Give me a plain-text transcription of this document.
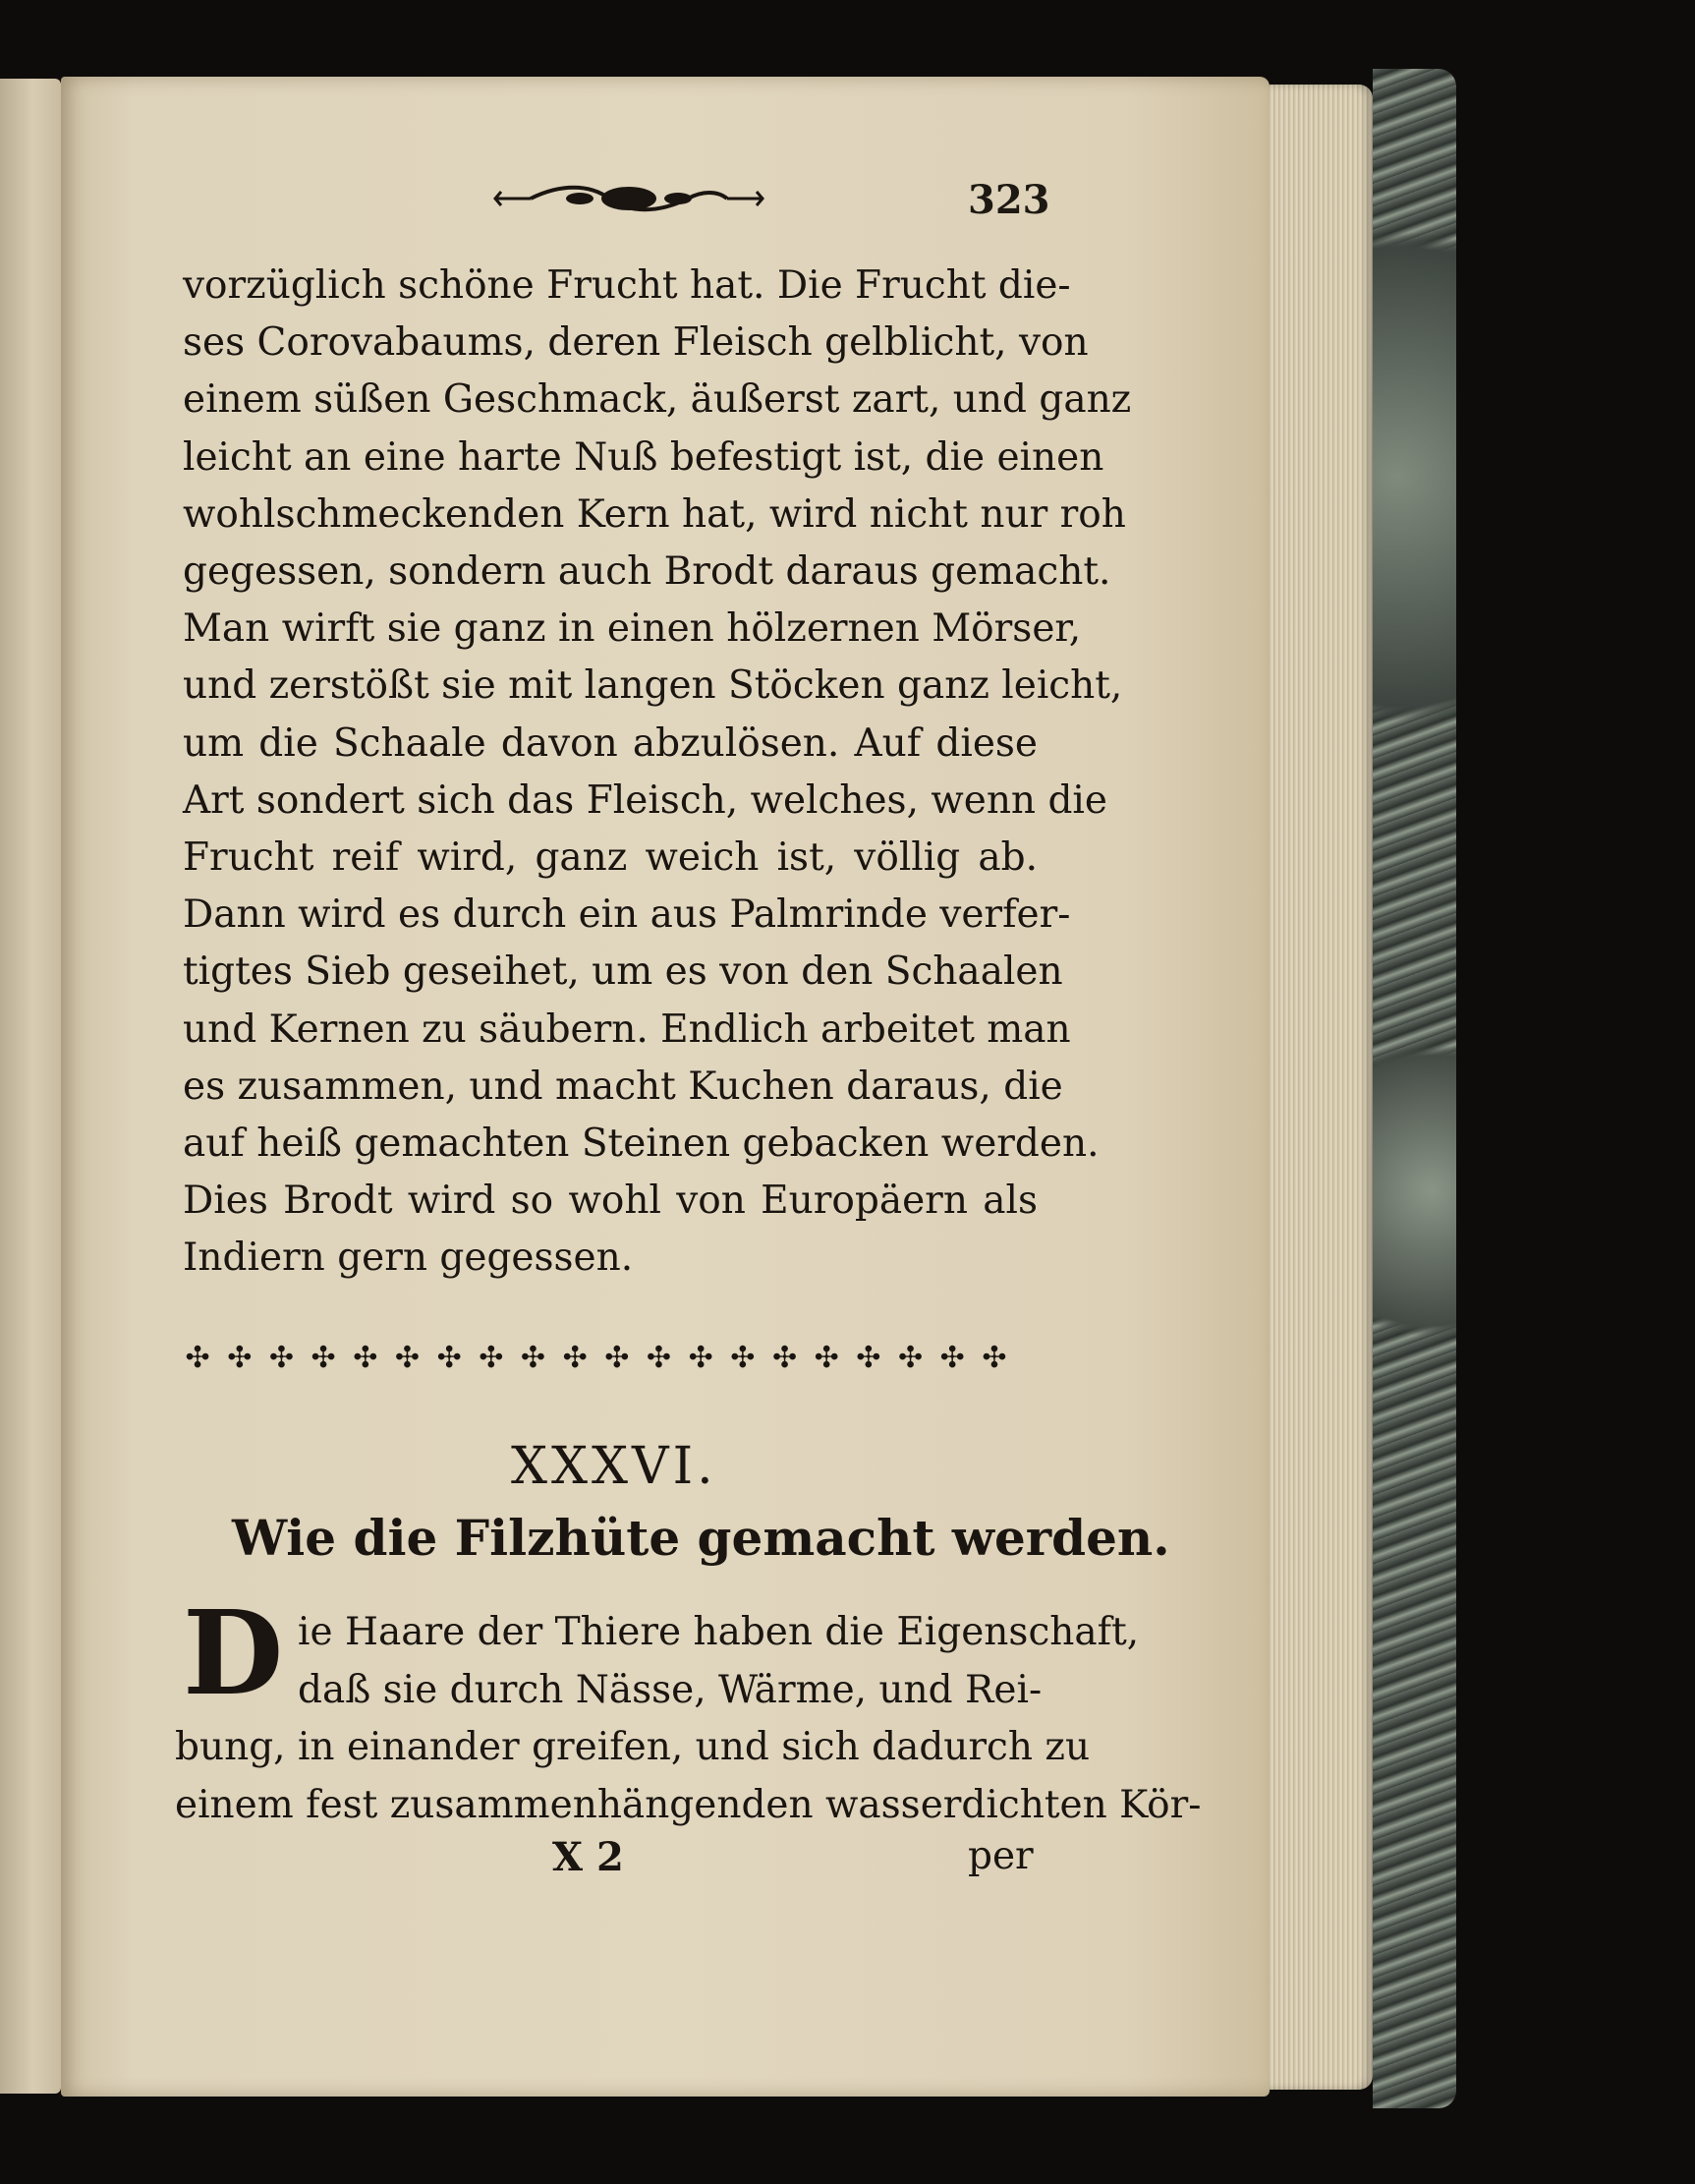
323
vorzüglich schöne Frucht hat. Die Frucht die-
ses Corovabaums, deren Fleisch gelblicht, von
einem süßen Geschmack, äußerst zart, und ganz
leicht an eine harte Nuß befestigt ist, die einen
wohlschmeckenden Kern hat, wird nicht nur roh
gegessen, sondern auch Brodt daraus gemacht.
Man wirft sie ganz in einen hölzernen Mörser,
und zerstößt sie mit langen Stöcken ganz leicht,
um die Schaale davon abzulösen. Auf diese
Art sondert sich das Fleisch, welches, wenn die
Frucht reif wird, ganz weich ist, völlig ab.
Dann wird es durch ein aus Palmrinde verfer-
tigtes Sieb geseihet, um es von den Schaalen
und Kernen zu säubern. Endlich arbeitet man
es zusammen, und macht Kuchen daraus, die
auf heiß gemachten Steinen gebacken werden.
Dies Brodt wird so wohl von Europäern als
Indiern gern gegessen.
✣ ✣ ✣ ✣ ✣ ✣ ✣ ✣ ✣ ✣ ✣ ✣ ✣ ✣ ✣ ✣ ✣ ✣ ✣ ✣
XXXVI.
Wie die Filzhüte gemacht werden.
D ie Haare der Thiere haben die Eigenschaft,
daß sie durch Nässe, Wärme, und Rei-
bung, in einander greifen, und sich dadurch zu
einem fest zusammenhängenden wasserdichten Kör-
X 2	per
